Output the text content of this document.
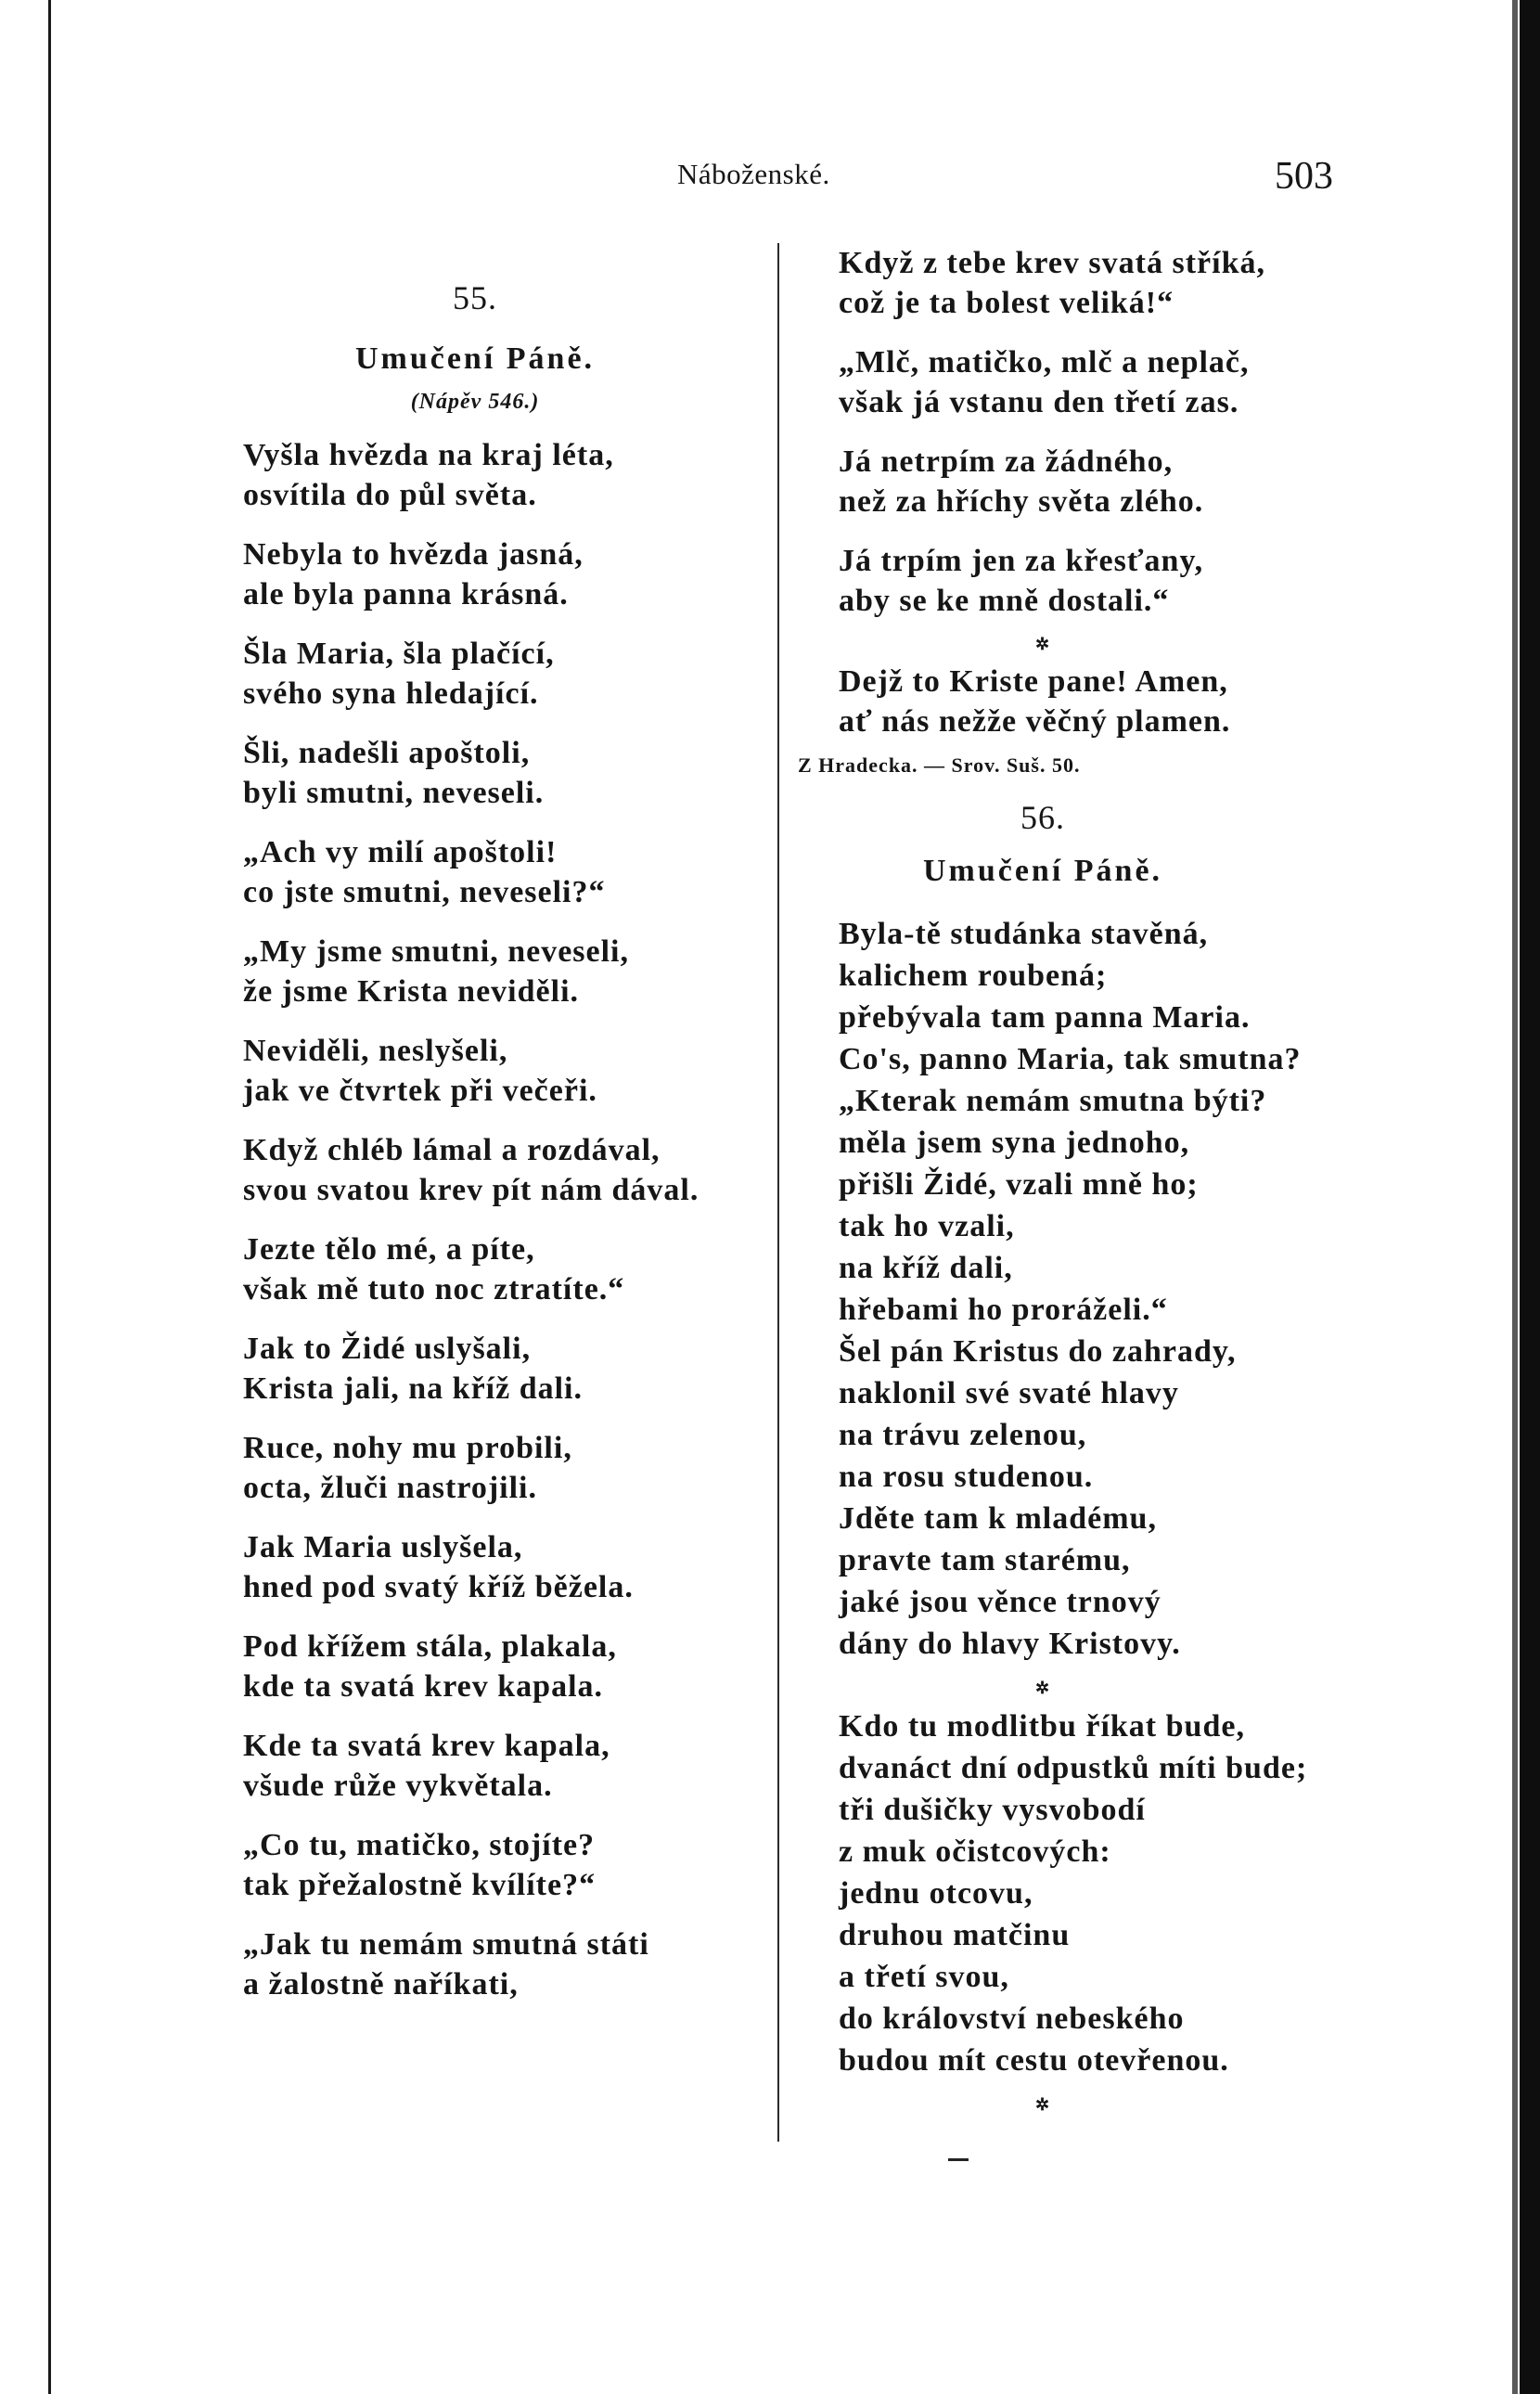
Náboženské.	503
55.
Umučení Páně.
(Nápěv 546.)
Vyšla hvězda na kraj léta,
osvítila do půl světa.
Nebyla to hvězda jasná,
ale byla panna krásná.
Šla Maria, šla plačící,
svého syna hledající.
Šli, nadešli apoštoli,
byli smutni, neveseli.
„Ach vy milí apoštoli!
co jste smutni, neveseli?“
„My jsme smutni, neveseli,
že jsme Krista neviděli.
Neviděli, neslyšeli,
jak ve čtvrtek při večeři.
Když chléb lámal a rozdával,
svou svatou krev pít nám dával.
Jezte tělo mé, a píte,
však mě tuto noc ztratíte.“
Jak to Židé uslyšali,
Krista jali, na kříž dali.
Ruce, nohy mu probili,
octa, žluči nastrojili.
Jak Maria uslyšela,
hned pod svatý kříž běžela.
Pod křížem stála, plakala,
kde ta svatá krev kapala.
Kde ta svatá krev kapala,
všude růže vykvětala.
„Co tu, matičko, stojíte?
tak přežalostně kvílíte?“
„Jak tu nemám smutná státi
a žalostně naříkati,
Když z tebe krev svatá stříká,
což je ta bolest veliká!“
„Mlč, matičko, mlč a neplač,
však já vstanu den třetí zas.
Já netrpím za žádného,
než za hříchy světa zlého.
Já trpím jen za křesťany,
aby se ke mně dostali.“
✲
Dejž to Kriste pane! Amen,
ať nás nežže věčný plamen.
Z Hradecka. — Srov. Suš. 50.
56.
Umučení Páně.
Byla-tě studánka stavěná,
kalichem roubená;
přebývala tam panna Maria.
Co's, panno Maria, tak smutna?
„Kterak nemám smutna býti?
měla jsem syna jednoho,
přišli Židé, vzali mně ho;
tak ho vzali,
na kříž dali,
hřebami ho proráželi.“
Šel pán Kristus do zahrady,
naklonil své svaté hlavy
na trávu zelenou,
na rosu studenou.
Jděte tam k mladému,
pravte tam starému,
jaké jsou věnce trnový
dány do hlavy Kristovy.
✲
Kdo tu modlitbu říkat bude,
dvanáct dní odpustků míti bude;
tři dušičky vysvobodí
z muk očistcových:
jednu otcovu,
druhou matčinu
a třetí svou,
do království nebeského
budou mít cestu otevřenou.
✲
